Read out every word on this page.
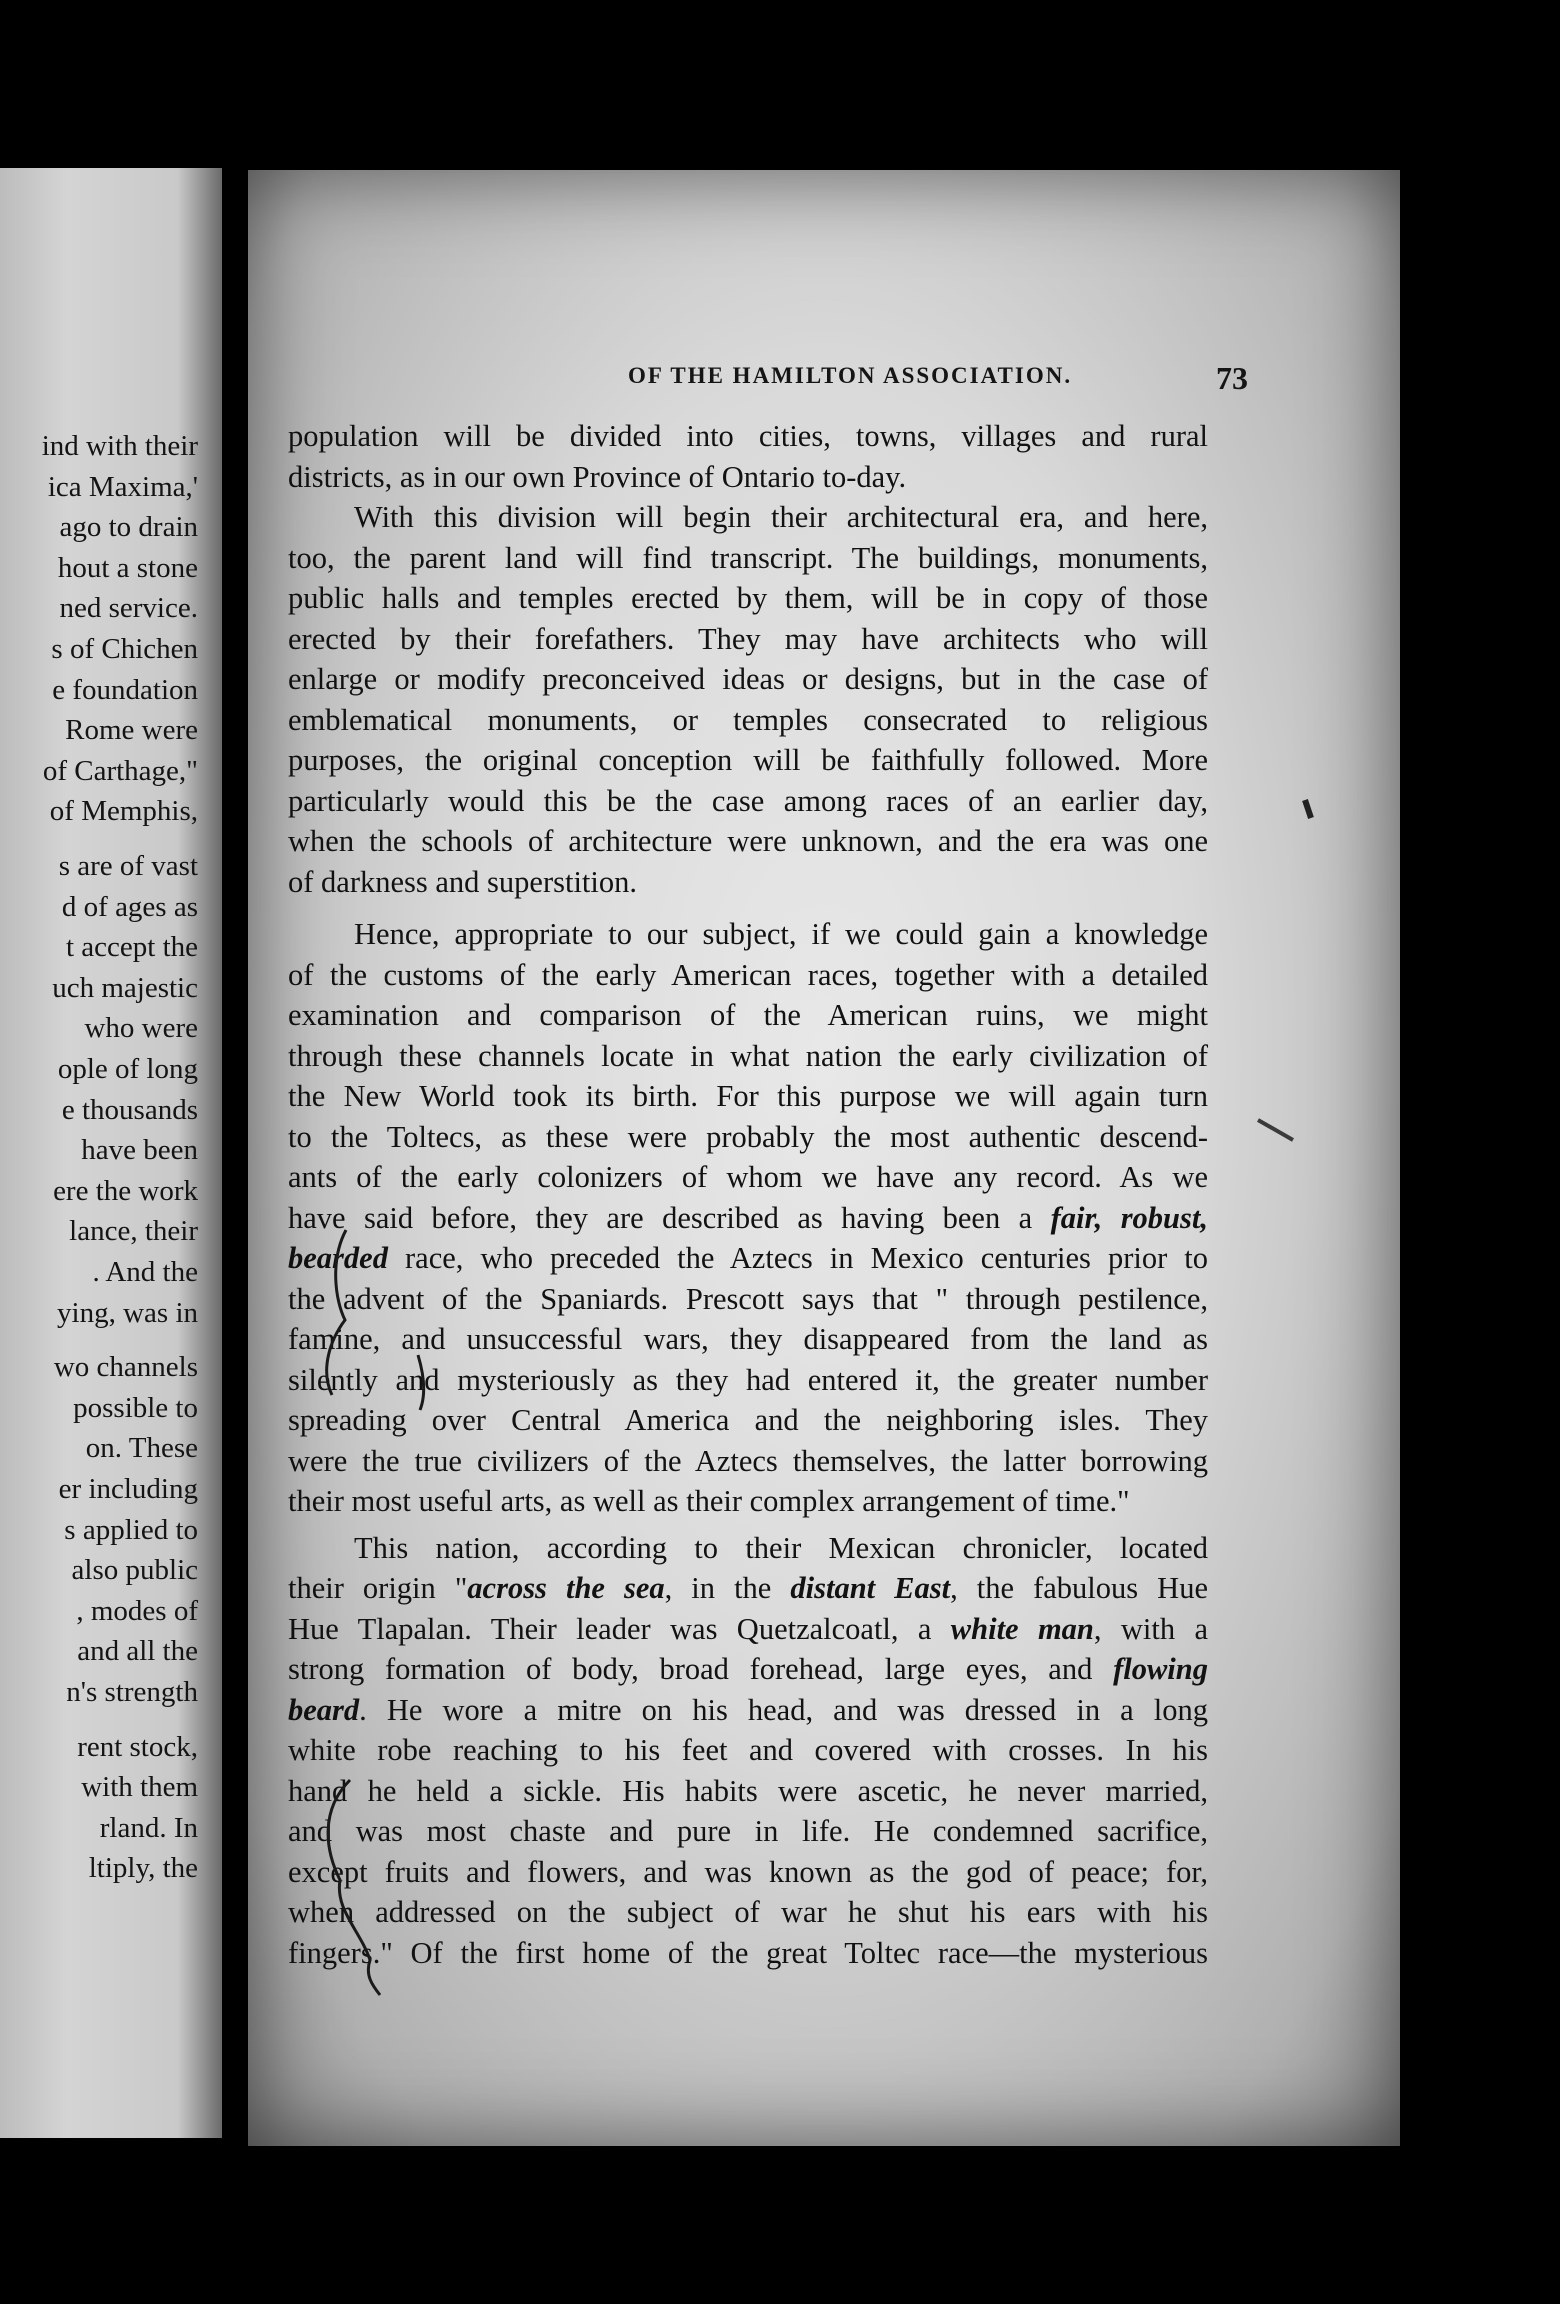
ind with their
ica Maxima,'
ago to drain
hout a stone
ned service.
s of Chichen
e foundation
Rome were
of Carthage,"
of Memphis,
s are of vast
d of ages as
t accept the
uch majestic
who were
ople of long
e thousands
have been
ere the work
lance, their
. And the
ying, was in
wo channels
possible to
on. These
er including
s applied to
also public
, modes of
and all the
n's strength
rent stock,
with them
rland. In
ltiply, the
OF THE HAMILTON ASSOCIATION.	73
population will be divided into cities, towns, villages and rural
districts, as in our own Province of Ontario to-day.
With this division will begin their architectural era, and here,
too, the parent land will find transcript. The buildings, monuments,
public halls and temples erected by them, will be in copy of those
erected by their forefathers. They may have architects who will
enlarge or modify preconceived ideas or designs, but in the case of
emblematical monuments, or temples consecrated to religious
purposes, the original conception will be faithfully followed. More
particularly would this be the case among races of an earlier day,
when the schools of architecture were unknown, and the era was one
of darkness and superstition.
Hence, appropriate to our subject, if we could gain a knowledge
of the customs of the early American races, together with a detailed
examination and comparison of the American ruins, we might
through these channels locate in what nation the early civilization of
the New World took its birth. For this purpose we will again turn
to the Toltecs, as these were probably the most authentic descend-
ants of the early colonizers of whom we have any record. As we
have said before, they are described as having been a fair, robust,
bearded race, who preceded the Aztecs in Mexico centuries prior to
the advent of the Spaniards. Prescott says that " through pestilence,
famine, and unsuccessful wars, they disappeared from the land as
silently and mysteriously as they had entered it, the greater number
spreading over Central America and the neighboring isles. They
were the true civilizers of the Aztecs themselves, the latter borrowing
their most useful arts, as well as their complex arrangement of time."
This nation, according to their Mexican chronicler, located
their origin "across the sea, in the distant East, the fabulous Hue
Hue Tlapalan. Their leader was Quetzalcoatl, a white man, with a
strong formation of body, broad forehead, large eyes, and flowing
beard. He wore a mitre on his head, and was dressed in a long
white robe reaching to his feet and covered with crosses. In his
hand he held a sickle. His habits were ascetic, he never married,
and was most chaste and pure in life. He condemned sacrifice,
except fruits and flowers, and was known as the god of peace; for,
when addressed on the subject of war he shut his ears with his
fingers." Of the first home of the great Toltec race—the mysterious
